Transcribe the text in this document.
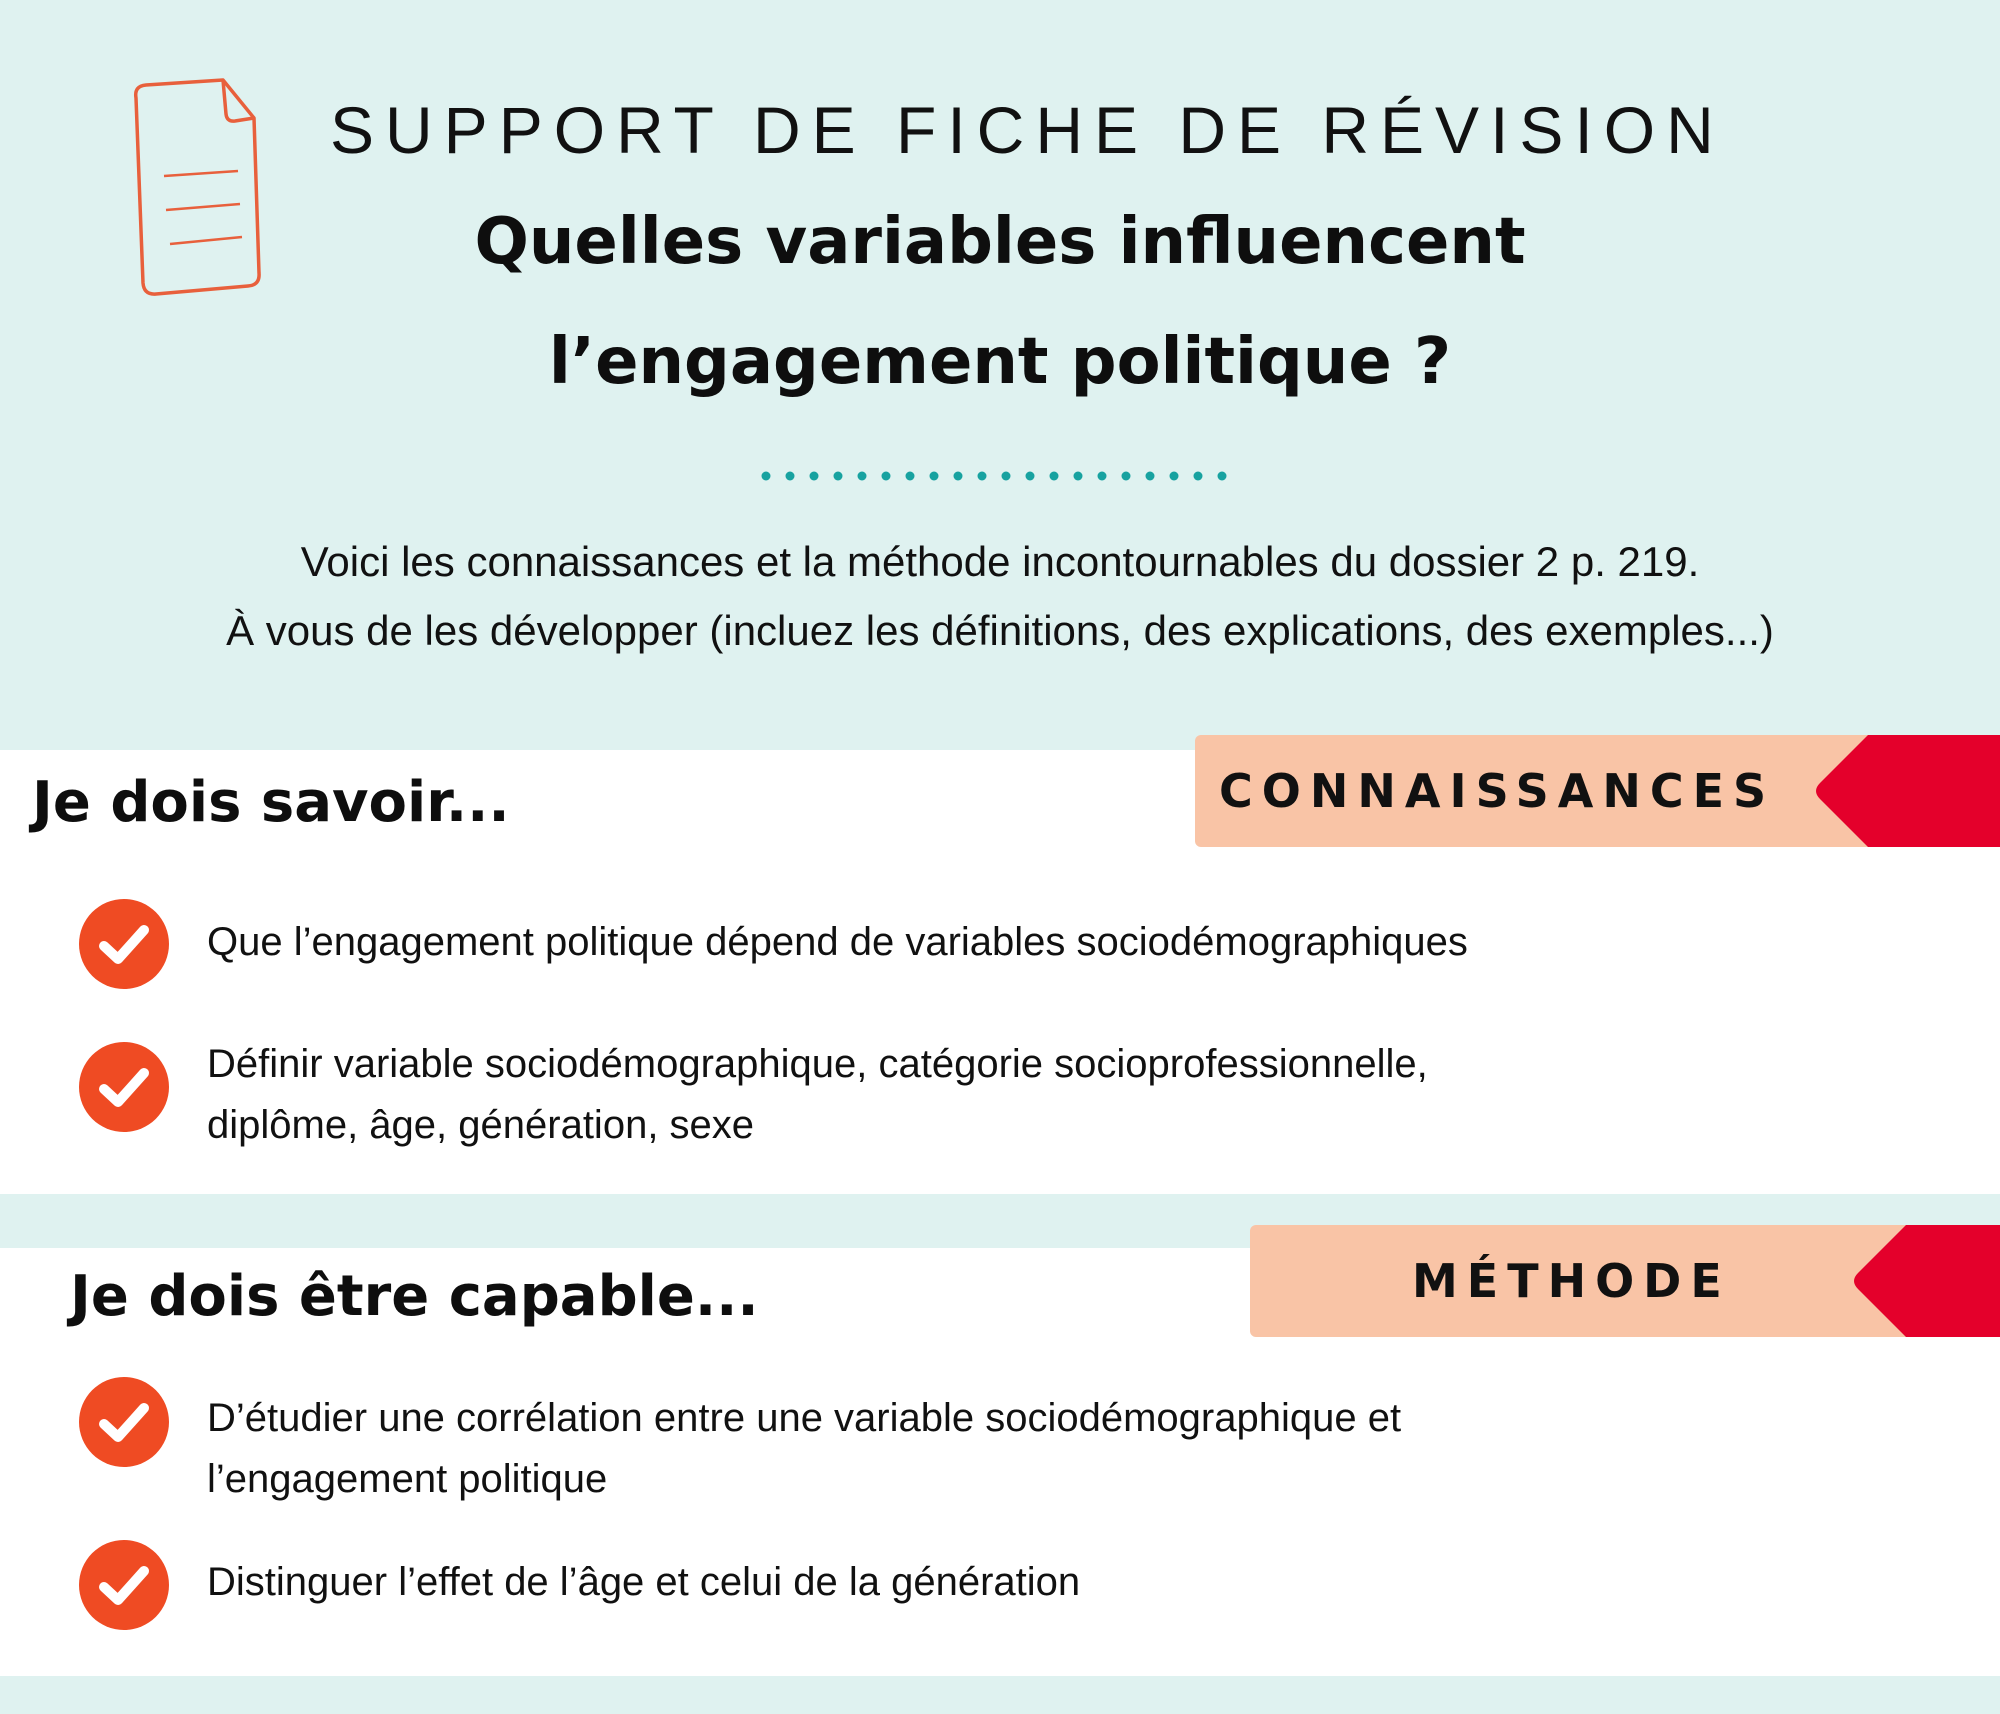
SUPPORT DE FICHE DE RÉVISION
Quelles variables influencent
l’engagement politique ?
Voici les connaissances et la méthode incontournables du dossier 2 p. 219.
À vous de les développer (incluez les définitions, des explications, des exemples...)
Je dois savoir...	CONNAISSANCES
Que l’engagement politique dépend de variables sociodémographiques
Définir variable sociodémographique, catégorie socioprofessionnelle,
diplôme, âge, génération, sexe
Je dois être capable...	MÉTHODE
D’étudier une corrélation entre une variable sociodémographique et
l’engagement politique
Distinguer l’effet de l’âge et celui de la génération
